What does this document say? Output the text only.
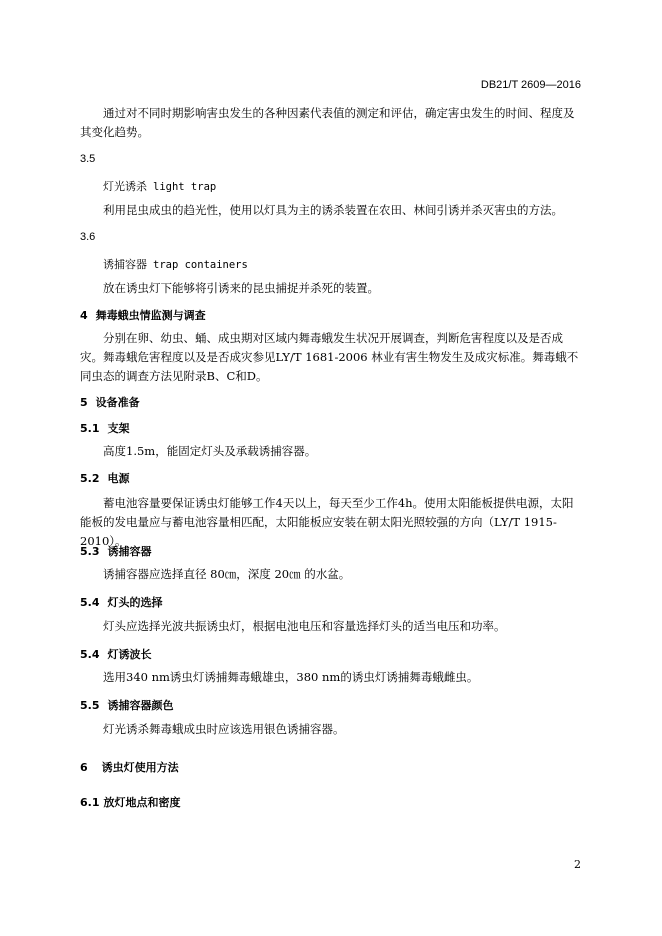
DB21/T 2609—2016
通过对不同时期影响害虫发生的各种因素代表值的测定和评估，确定害虫发生的时间、程度及其变化趋势。
3.5
灯光诱杀 light trap
利用昆虫成虫的趋光性，使用以灯具为主的诱杀装置在农田、林间引诱并杀灭害虫的方法。
3.6
诱捕容器 trap containers
放在诱虫灯下能够将引诱来的昆虫捕捉并杀死的装置。
4 舞毒蛾虫情监测与调查
分别在卵、幼虫、蛹、成虫期对区域内舞毒蛾发生状况开展调查，判断危害程度以及是否成灾。舞毒蛾危害程度以及是否成灾参见LY/T 1681-2006 林业有害生物发生及成灾标准。舞毒蛾不同虫态的调查方法见附录B、C和D。
5 设备准备
5.1 支架
高度1.5m，能固定灯头及承载诱捕容器。
5.2 电源
蓄电池容量要保证诱虫灯能够工作4天以上，每天至少工作4h。使用太阳能板提供电源，太阳能板的发电量应与蓄电池容量相匹配，太阳能板应安装在朝太阳光照较强的方向（LY/T 1915-2010）。
5.3 诱捕容器
诱捕容器应选择直径 80㎝，深度 20㎝ 的水盆。
5.4 灯头的选择
灯头应选择光波共振诱虫灯，根据电池电压和容量选择灯头的适当电压和功率。
5.4 灯诱波长
选用340 nm诱虫灯诱捕舞毒蛾雄虫，380 nm的诱虫灯诱捕舞毒蛾雌虫。
5.5 诱捕容器颜色
灯光诱杀舞毒蛾成虫时应该选用银色诱捕容器。
6 诱虫灯使用方法
6.1 放灯地点和密度
2
